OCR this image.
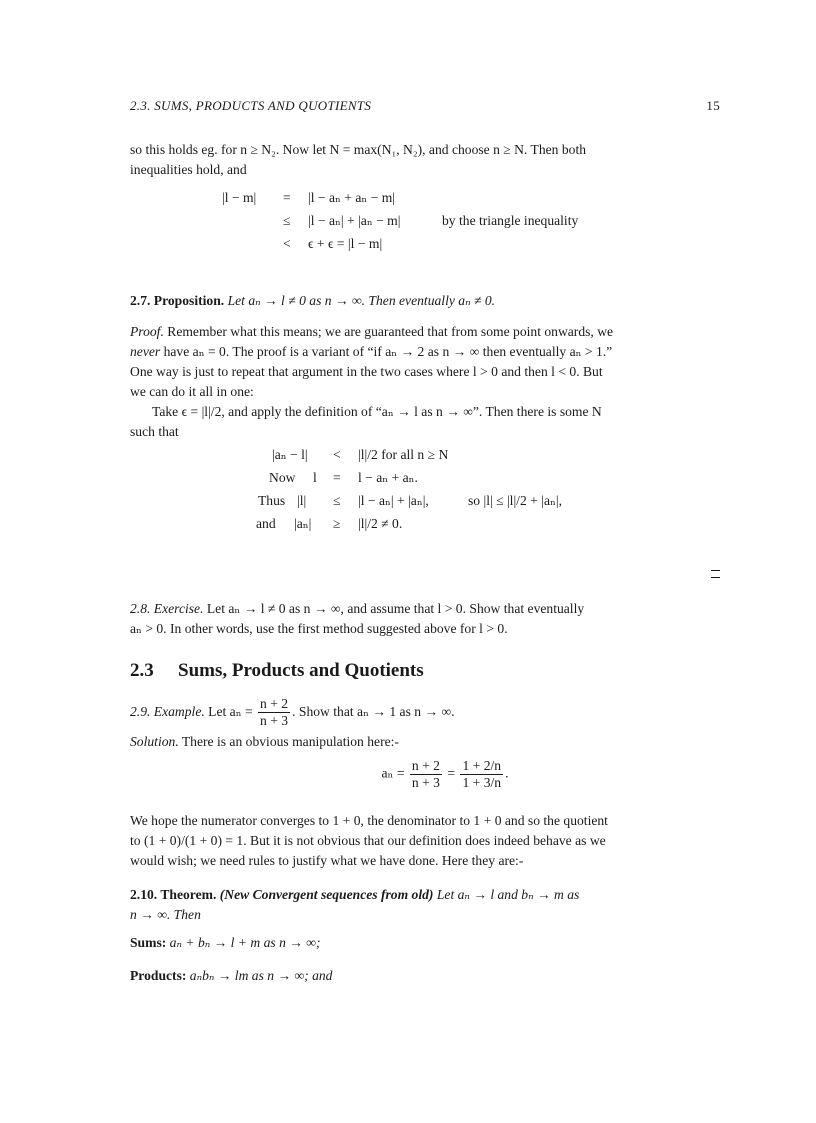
2.3. SUMS, PRODUCTS AND QUOTIENTS	15

so this holds eg. for n ≥ N₂. Now let N = max(N₁, N₂), and choose n ≥ N. Then both

inequalities hold, and

|l − m| = |l − aₙ + aₙ − m|
≤ |l − aₙ| + |aₙ − m|	by the triangle inequality
< ϵ + ϵ = |l − m|

2.7. Proposition. Let aₙ → l ≠ 0 as n → ∞. Then eventually aₙ ≠ 0.

Proof. Remember what this means; we are guaranteed that from some point onwards, we

never have aₙ = 0. The proof is a variant of “if aₙ → 2 as n → ∞ then eventually aₙ > 1.”

One way is just to repeat that argument in the two cases where l > 0 and then l < 0. But

we can do it all in one:

Take ϵ = |l|/2, and apply the definition of “aₙ → l as n → ∞”. Then there is some N

such that

|aₙ − l| < |l|/2 for all n ≥ N
Now l = l − aₙ + aₙ.
Thus |l| ≤ |l − aₙ| + |aₙ|,	so |l| ≤ |l|/2 + |aₙ|,
and |aₙ| ≥ |l|/2 ≠ 0.

2.8. Exercise. Let aₙ → l ≠ 0 as n → ∞, and assume that l > 0. Show that eventually

aₙ > 0. In other words, use the first method suggested above for l > 0.

2.3 Sums, Products and Quotients

2.9. Example. Let $a_n = \frac{n + 2}{n + 3}$ . Show that aₙ → 1 as n → ∞.

Solution. There is an obvious manipulation here:-

$a_n = \frac{n + 2}{n + 3} = \frac{1 + 2/n}{1 + 3/n}$ .

We hope the numerator converges to 1 + 0, the denominator to 1 + 0 and so the quotient

to (1 + 0)/(1 + 0) = 1. But it is not obvious that our definition does indeed behave as we

would wish; we need rules to justify what we have done. Here they are:-

2.10. Theorem. (New Convergent sequences from old) Let aₙ → l and bₙ → m as

n → ∞. Then

Sums: aₙ + bₙ → l + m as n → ∞;

Products: aₙbₙ → lm as n → ∞; and
